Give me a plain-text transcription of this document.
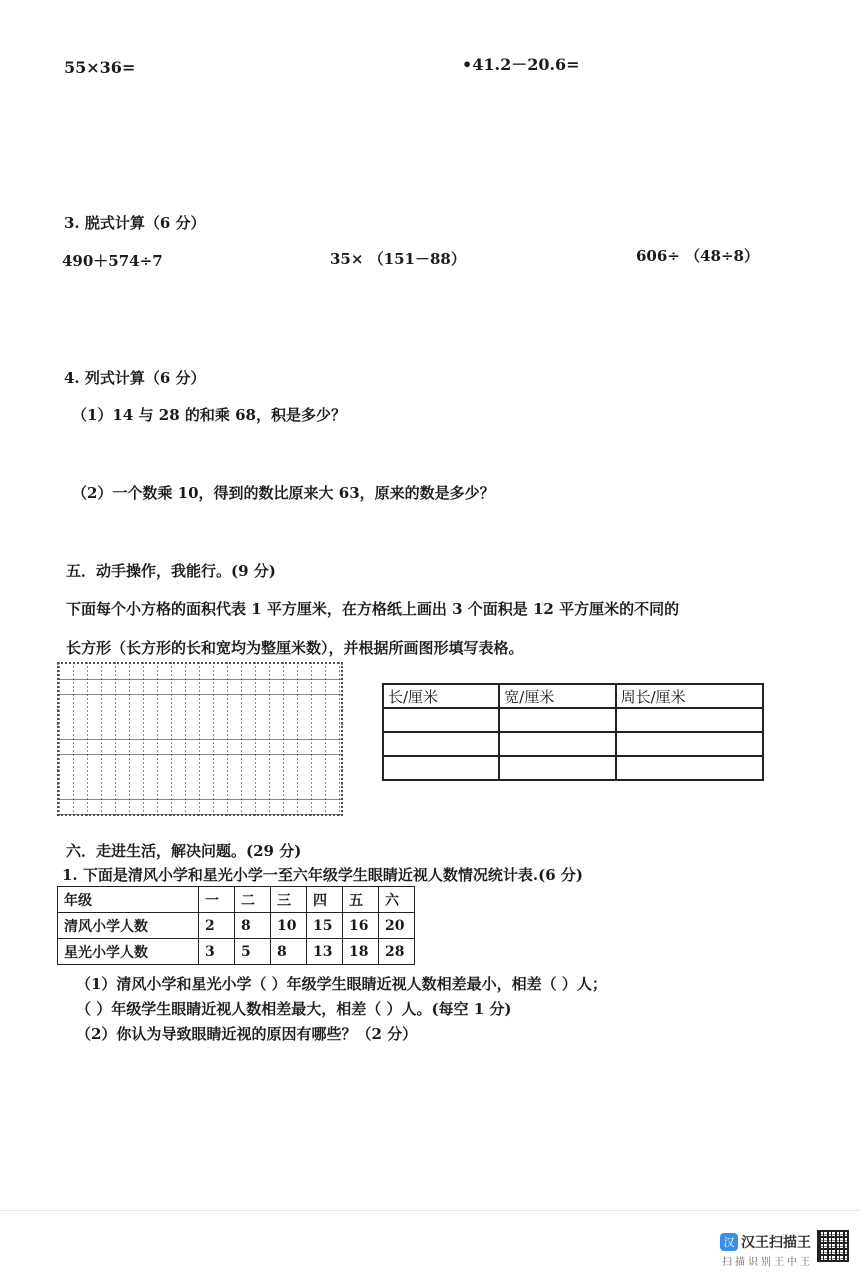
55×36=	•41.2－20.6=
3. 脱式计算（6 分）
490＋574÷7	35× （151－88）	606÷ （48÷8）
4. 列式计算（6 分）
（1）14 与 28 的和乘 68，积是多少？
（2）一个数乘 10，得到的数比原来大 63，原来的数是多少？
五．动手操作，我能行。(9 分)
下面每个小方格的面积代表 1 平方厘米，在方格纸上画出 3 个面积是 12 平方厘米的不同的
长方形（长方形的长和宽均为整厘米数），并根据所画图形填写表格。
长/厘米	宽/厘米	周长/厘米

六．走进生活，解决问题。(29 分)
1. 下面是清风小学和星光小学一至六年级学生眼睛近视人数情况统计表.(6 分)
年级	一	二	三	四	五	六
清风小学人数	2	8	10	15	16	20
星光小学人数	3	5	8	13	18	28
（1）清风小学和星光小学（ ）年级学生眼睛近视人数相差最小，相差（ ）人；
（ ）年级学生眼睛近视人数相差最大，相差（ ）人。(每空 1 分)
（2）你认为导致眼睛近视的原因有哪些？（2 分）
汉 汉王扫描王
扫描识别王中王
